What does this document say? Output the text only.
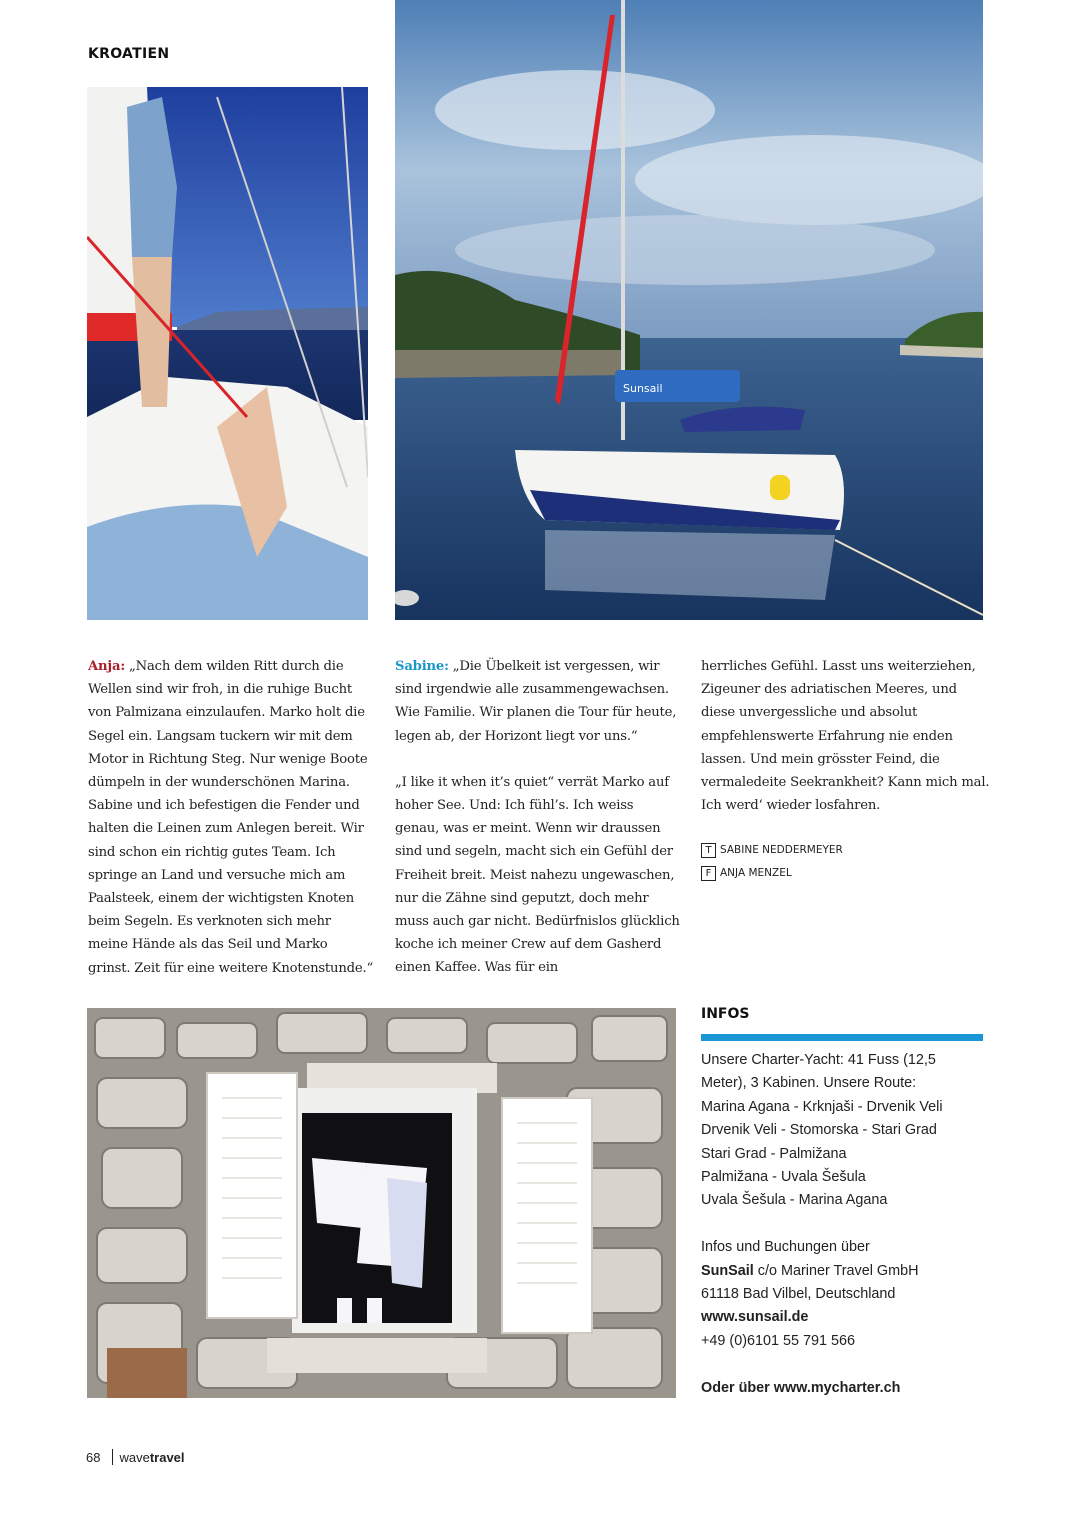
KROATIEN
Sunsail

Anja: „Nach dem wilden Ritt durch die Wellen sind wir froh, in die ruhige Bucht von Palmizana einzulaufen. Marko holt die Segel ein. Langsam tuckern wir mit dem Motor in Richtung Steg. Nur wenige Boote dümpeln in der wunderschönen Marina. Sabine und ich befestigen die Fender und halten die Leinen zum Anlegen bereit. Wir sind schon ein richtig gutes Team. Ich springe an Land und versuche mich am Paalsteek, einem der wichtigsten Knoten beim Segeln. Es verknoten sich mehr meine Hände als das Seil und Marko grinst. Zeit für eine weitere Knotenstunde.“

Sabine: „Die Übelkeit ist vergessen, wir sind irgendwie alle zusammengewachsen. Wie Familie. Wir planen die Tour für heute, legen ab, der Horizont liegt vor uns.“

„I like it when it’s quiet“ verrät Marko auf hoher See. Und: Ich fühl’s. Ich weiss genau, was er meint. Wenn wir draussen sind und segeln, macht sich ein Gefühl der Freiheit breit. Meist nahezu ungewaschen, nur die Zähne sind geputzt, doch mehr muss auch gar nicht. Bedürfnislos glücklich koche ich meiner Crew auf dem Gasherd einen Kaffee. Was für ein

herrliches Gefühl. Lasst uns weiterziehen, Zigeuner des adriatischen Meeres, und diese unvergessliche und absolut empfehlenswerte Erfahrung nie enden lassen. Und mein grösster Feind, die vermaledeite Seekrankheit? Kann mich mal. Ich werd‘ wieder losfahren.

T SABINE NEDDERMEYER
F ANJA MENZEL
INFOS
Unsere Charter-Yacht: 41 Fuss (12,5
Meter), 3 Kabinen. Unsere Route:
Marina Agana - Krknjaši - Drvenik Veli
Drvenik Veli - Stomorska - Stari Grad
Stari Grad - Palmižana
Palmižana - Uvala Šešula
Uvala Šešula - Marina Agana
Infos und Buchungen über
SunSail c/o Mariner Travel GmbH
61118 Bad Vilbel, Deutschland
www.sunsail.de
+49 (0)6101 55 791 566
Oder über www.mycharter.ch
68 wavetravel
